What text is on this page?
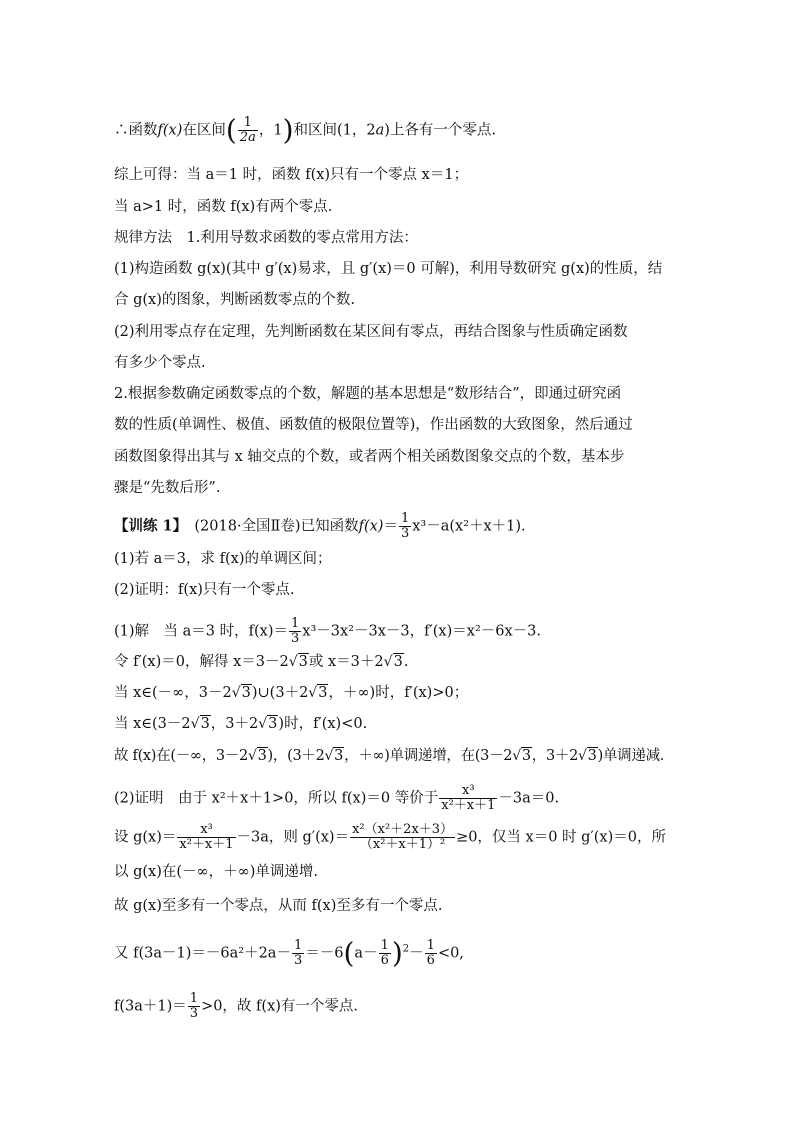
∴函数f(x)在区间( $\frac{1}{2a}$ ，1)和区间(1，2a)上各有一个零点.
综上可得：当 a＝1 时，函数 f(x)只有一个零点 x＝1；
当 a>1 时，函数 f(x)有两个零点.
规律方法　1.利用导数求函数的零点常用方法：
(1)构造函数 g(x)(其中 g′(x)易求，且 g′(x)＝0 可解)，利用导数研究 g(x)的性质，结
合 g(x)的图象，判断函数零点的个数.
(2)利用零点存在定理，先判断函数在某区间有零点，再结合图象与性质确定函数
有多少个零点.
2.根据参数确定函数零点的个数，解题的基本思想是“数形结合”，即通过研究函
数的性质(单调性、极值、函数值的极限位置等)，作出函数的大致图象，然后通过
函数图象得出其与 x 轴交点的个数，或者两个相关函数图象交点的个数，基本步
骤是“先数后形”.
【训练 1】　 (2018·全国Ⅱ卷)已知函数$f(x)= \frac{1}{3} x^3-a(x^2+x+1)$.
(1)若 a＝3，求 f(x)的单调区间；
(2)证明：f(x)只有一个零点.
(1)解　 当 a＝3 时，$f(x)= \frac{1}{3} x^3-3x^2-3x-3$，f′(x)＝x²－6x－3.
令 f′(x)＝0，解得 x＝3－2√3或 x＝3＋2√3.
当 x∈(－∞，3－2√3)∪(3＋2√3，＋∞)时，f′(x)>0；
当 x∈(3－2√3，3＋2√3)时，f′(x)<0.
故 f(x)在(－∞，3－2√3)，(3＋2√3，＋∞)单调递增，在(3－2√3，3＋2√3)单调递减.
(2)证明　 由于 x²＋x＋1>0，所以 f(x)＝0 等价于 $\frac{\text{x³}}{\text{x²＋x＋1}} -3a=0$.
设 $g(x)= \frac{\text{x³}}{\text{x²＋x＋1}} -3a$，则 $g'(x)= \frac{\text{x²（x²＋2x＋3）}}{\text{（x²＋x＋1）²}} \ge 0$，仅当 x＝0 时 g′(x)＝0，所
以 g(x)在(－∞，＋∞)单调递增.
故 g(x)至多有一个零点，从而 f(x)至多有一个零点.
又 $f(3a-1)=-6a^2+2a- \frac{1}{3} =-6(a- \frac{1}{6} )^2- \frac{1}{6} <0$,
$f(3a+1)= \frac{1}{3} >0$，故 f(x)有一个零点.
